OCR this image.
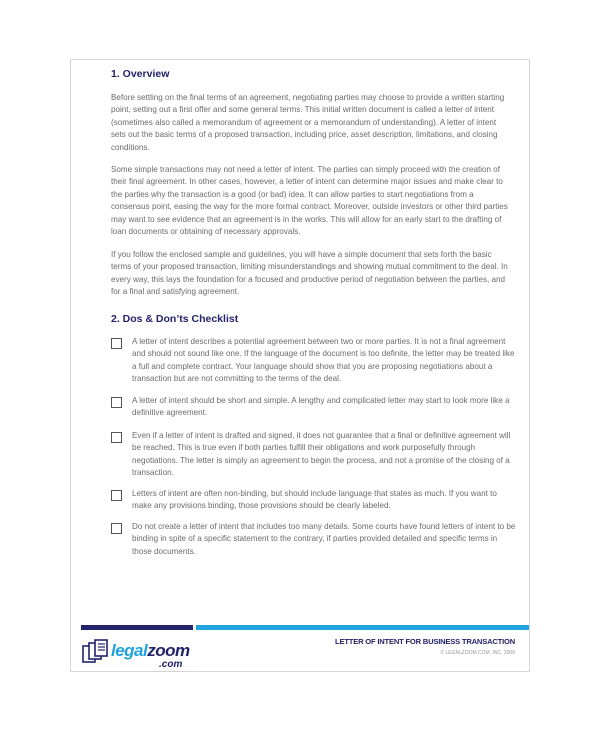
1. Overview

Before settling on the final terms of an agreement, negotiating parties may choose to provide a written starting point, setting out a first offer and some general terms. This initial written document is called a letter of intent (sometimes also called a memorandum of agreement or a memorandum of understanding). A letter of intent sets out the basic terms of a proposed transaction, including price, asset description, limitations, and closing conditions.

Some simple transactions may not need a letter of intent. The parties can simply proceed with the creation of their final agreement. In other cases, however, a letter of intent can determine major issues and make clear to the parties why the transaction is a good (or bad) idea. It can allow parties to start negotiations from a consensus point, easing the way for the more formal contract. Moreover, outside investors or other third parties may want to see evidence that an agreement is in the works. This will allow for an early start to the drafting of loan documents or obtaining of necessary approvals.

If you follow the enclosed sample and guidelines, you will have a simple document that sets forth the basic terms of your proposed transaction, limiting misunderstandings and showing mutual commitment to the deal. In every way, this lays the foundation for a focused and productive period of negotiation between the parties, and for a final and satisfying agreement.

2. Dos & Don’ts Checklist

A letter of intent describes a potential agreement between two or more parties. It is not a final agreement and should not sound like one. If the language of the document is too definite, the letter may be treated like a full and complete contract. Your language should show that you are proposing negotiations about a transaction but are not committing to the terms of the deal.

A letter of intent should be short and simple. A lengthy and complicated letter may start to look more like a definitive agreement.

Even if a letter of intent is drafted and signed, it does not guarantee that a final or definitive agreement will be reached. This is true even if both parties fulfill their obligations and work purposefully through negotiations. The letter is simply an agreement to begin the process, and not a promise of the closing of a transaction.

Letters of intent are often non-binding, but should include language that states as much. If you want to make any provisions binding, those provisions should be clearly labeled.

Do not create a letter of intent that includes too many details. Some courts have found letters of intent to be binding in spite of a specific statement to the contrary, if parties provided detailed and specific terms in those documents.

legalzoom
.com
LETTER OF INTENT FOR BUSINESS TRANSACTION
© LEGALZOOM.COM, INC. 2008
